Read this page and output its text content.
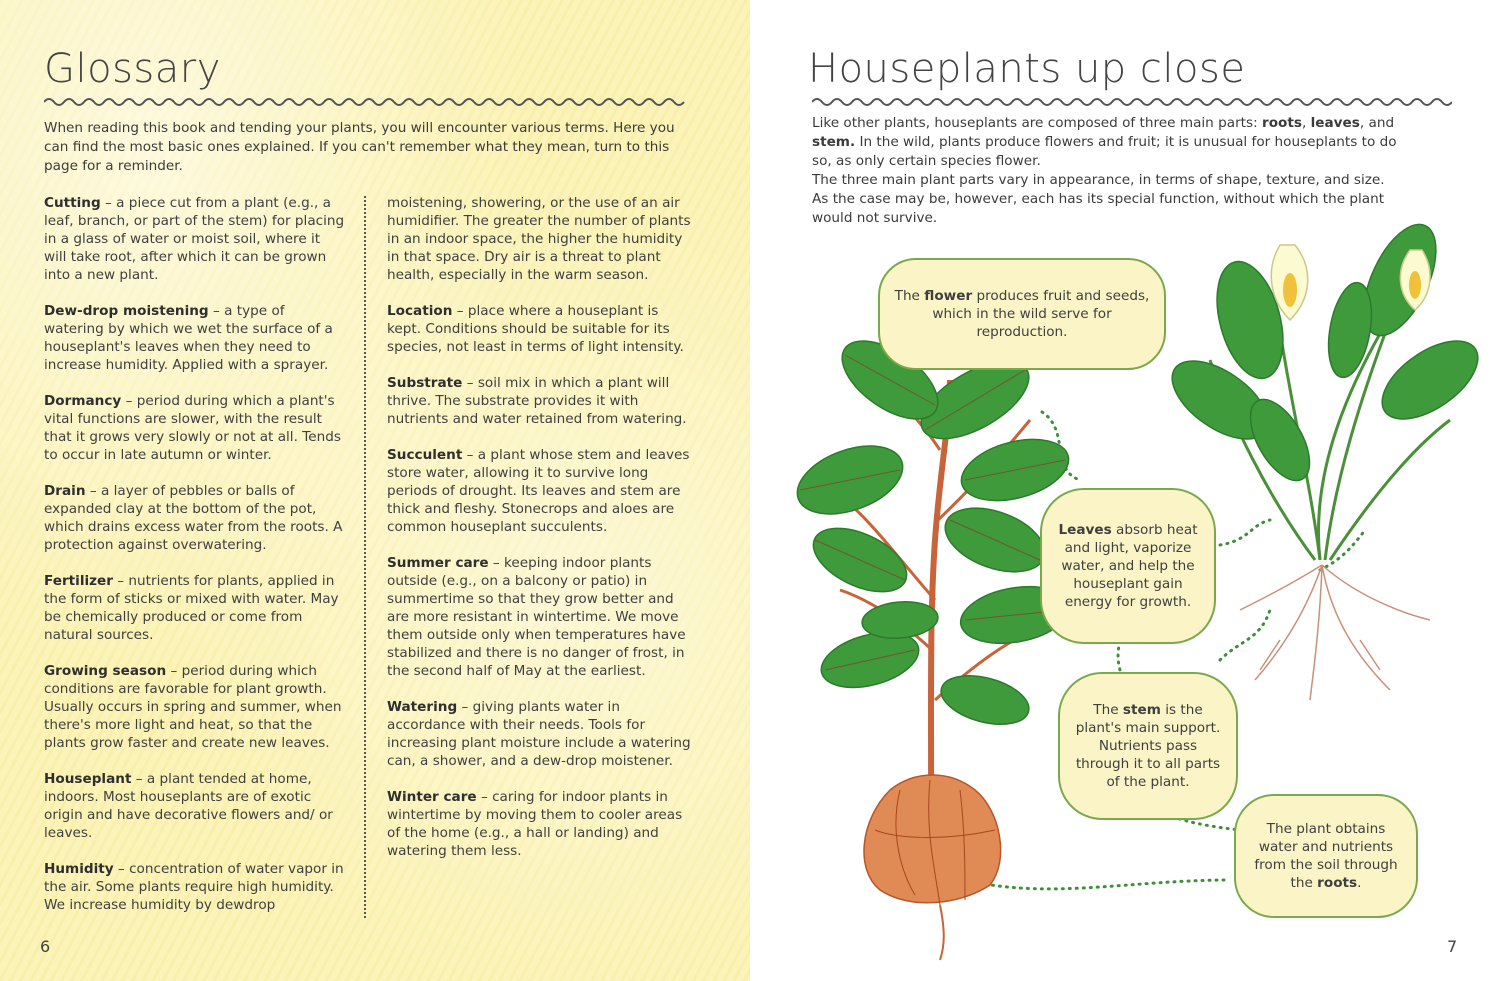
Glossary
When reading this book and tending your plants, you will encounter various terms. Here you can find the most basic ones explained. If you can't remember what they mean, turn to this page for a reminder.
Cutting – a piece cut from a plant (e.g., a leaf, branch, or part of the stem) for placing in a glass of water or moist soil, where it will take root, after which it can be grown into a new plant.
Dew-drop moistening – a type of watering by which we wet the surface of a houseplant's leaves when they need to increase humidity. Applied with a sprayer.
Dormancy – period during which a plant's vital functions are slower, with the result that it grows very slowly or not at all. Tends to occur in late autumn or winter.
Drain – a layer of pebbles or balls of expanded clay at the bottom of the pot, which drains excess water from the roots. A protection against overwatering.
Fertilizer – nutrients for plants, applied in the form of sticks or mixed with water. May be chemically produced or come from natural sources.
Growing season – period during which conditions are favorable for plant growth. Usually occurs in spring and summer, when there's more light and heat, so that the plants grow faster and create new leaves.
Houseplant – a plant tended at home, indoors. Most houseplants are of exotic origin and have decorative flowers and/ or leaves.
Humidity – concentration of water vapor in the air. Some plants require high humidity. We increase humidity by dewdrop
moistening, showering, or the use of an air humidifier. The greater the number of plants in an indoor space, the higher the humidity in that space. Dry air is a threat to plant health, especially in the warm season.
Location – place where a houseplant is kept. Conditions should be suitable for its species, not least in terms of light intensity.
Substrate – soil mix in which a plant will thrive. The substrate provides it with nutrients and water retained from watering.
Succulent – a plant whose stem and leaves store water, allowing it to survive long periods of drought. Its leaves and stem are thick and fleshy. Stonecrops and aloes are common houseplant succulents.
Summer care – keeping indoor plants outside (e.g., on a balcony or patio) in summertime so that they grow better and are more resistant in wintertime. We move them outside only when temperatures have stabilized and there is no danger of frost, in the second half of May at the earliest.
Watering – giving plants water in accordance with their needs. Tools for increasing plant moisture include a watering can, a shower, and a dew-drop moistener.
Winter care – caring for indoor plants in wintertime by moving them to cooler areas of the home (e.g., a hall or landing) and watering them less.
6
Houseplants up close
Like other plants, houseplants are composed of three main parts: roots, leaves, and stem. In the wild, plants produce flowers and fruit; it is unusual for houseplants to do so, as only certain species flower.
The three main plant parts vary in appearance, in terms of shape, texture, and size. As the case may be, however, each has its special function, without which the plant would not survive.
The flower produces fruit and seeds, which in the wild serve for reproduction.
Leaves absorb heat and light, vaporize water, and help the houseplant gain energy for growth.
The stem is the plant's main support. Nutrients pass through it to all parts of the plant.
The plant obtains water and nutrients from the soil through the roots.
7
